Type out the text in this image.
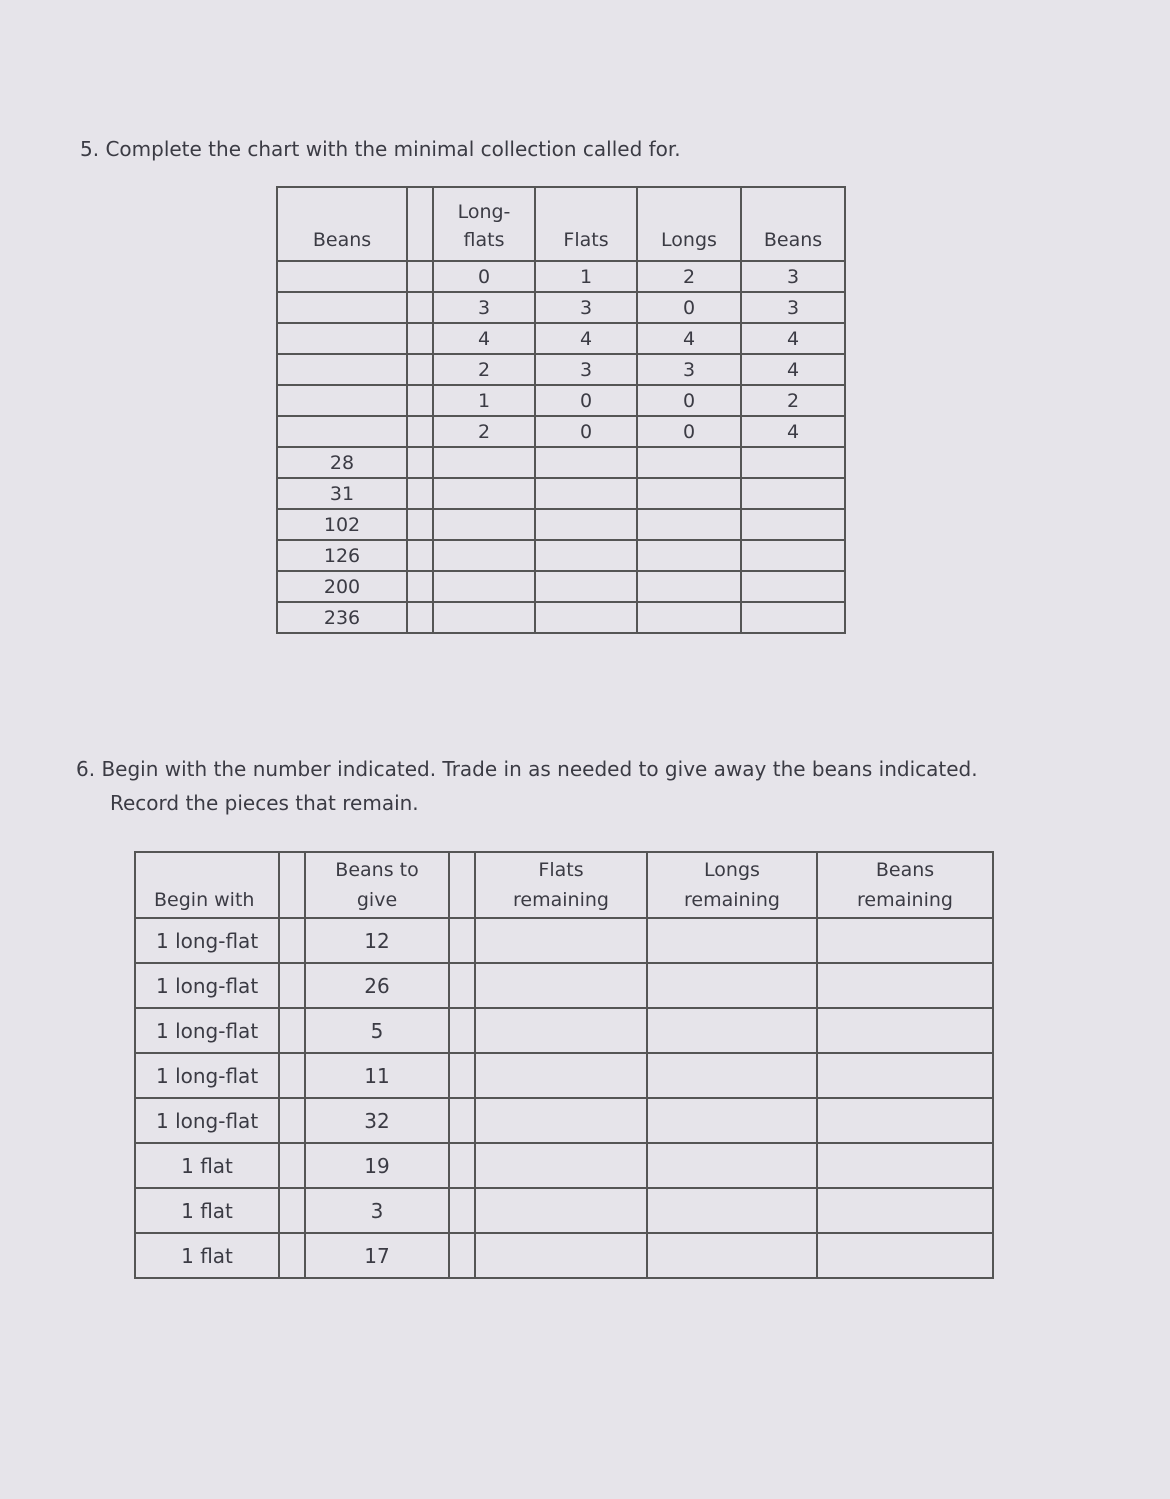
5. Complete the chart with the minimal collection called for.

Beans		Long-flats	Flats	Longs	Beans
		0	1	2	3
		3	3	0	3
		4	4	4	4
		2	3	3	4
		1	0	0	2
		2	0	0	4
28					
31					
102					
126					
200					
236					

6. Begin with the number indicated. Trade in as needed to give away the beans indicated.
Record the pieces that remain.

Begin with		Beans to give		Flats remaining	Longs remaining	Beans remaining
1 long-flat		12				
1 long-flat		26				
1 long-flat		5				
1 long-flat		11				
1 long-flat		32				
1 flat		19				
1 flat		3				
1 flat		17				
